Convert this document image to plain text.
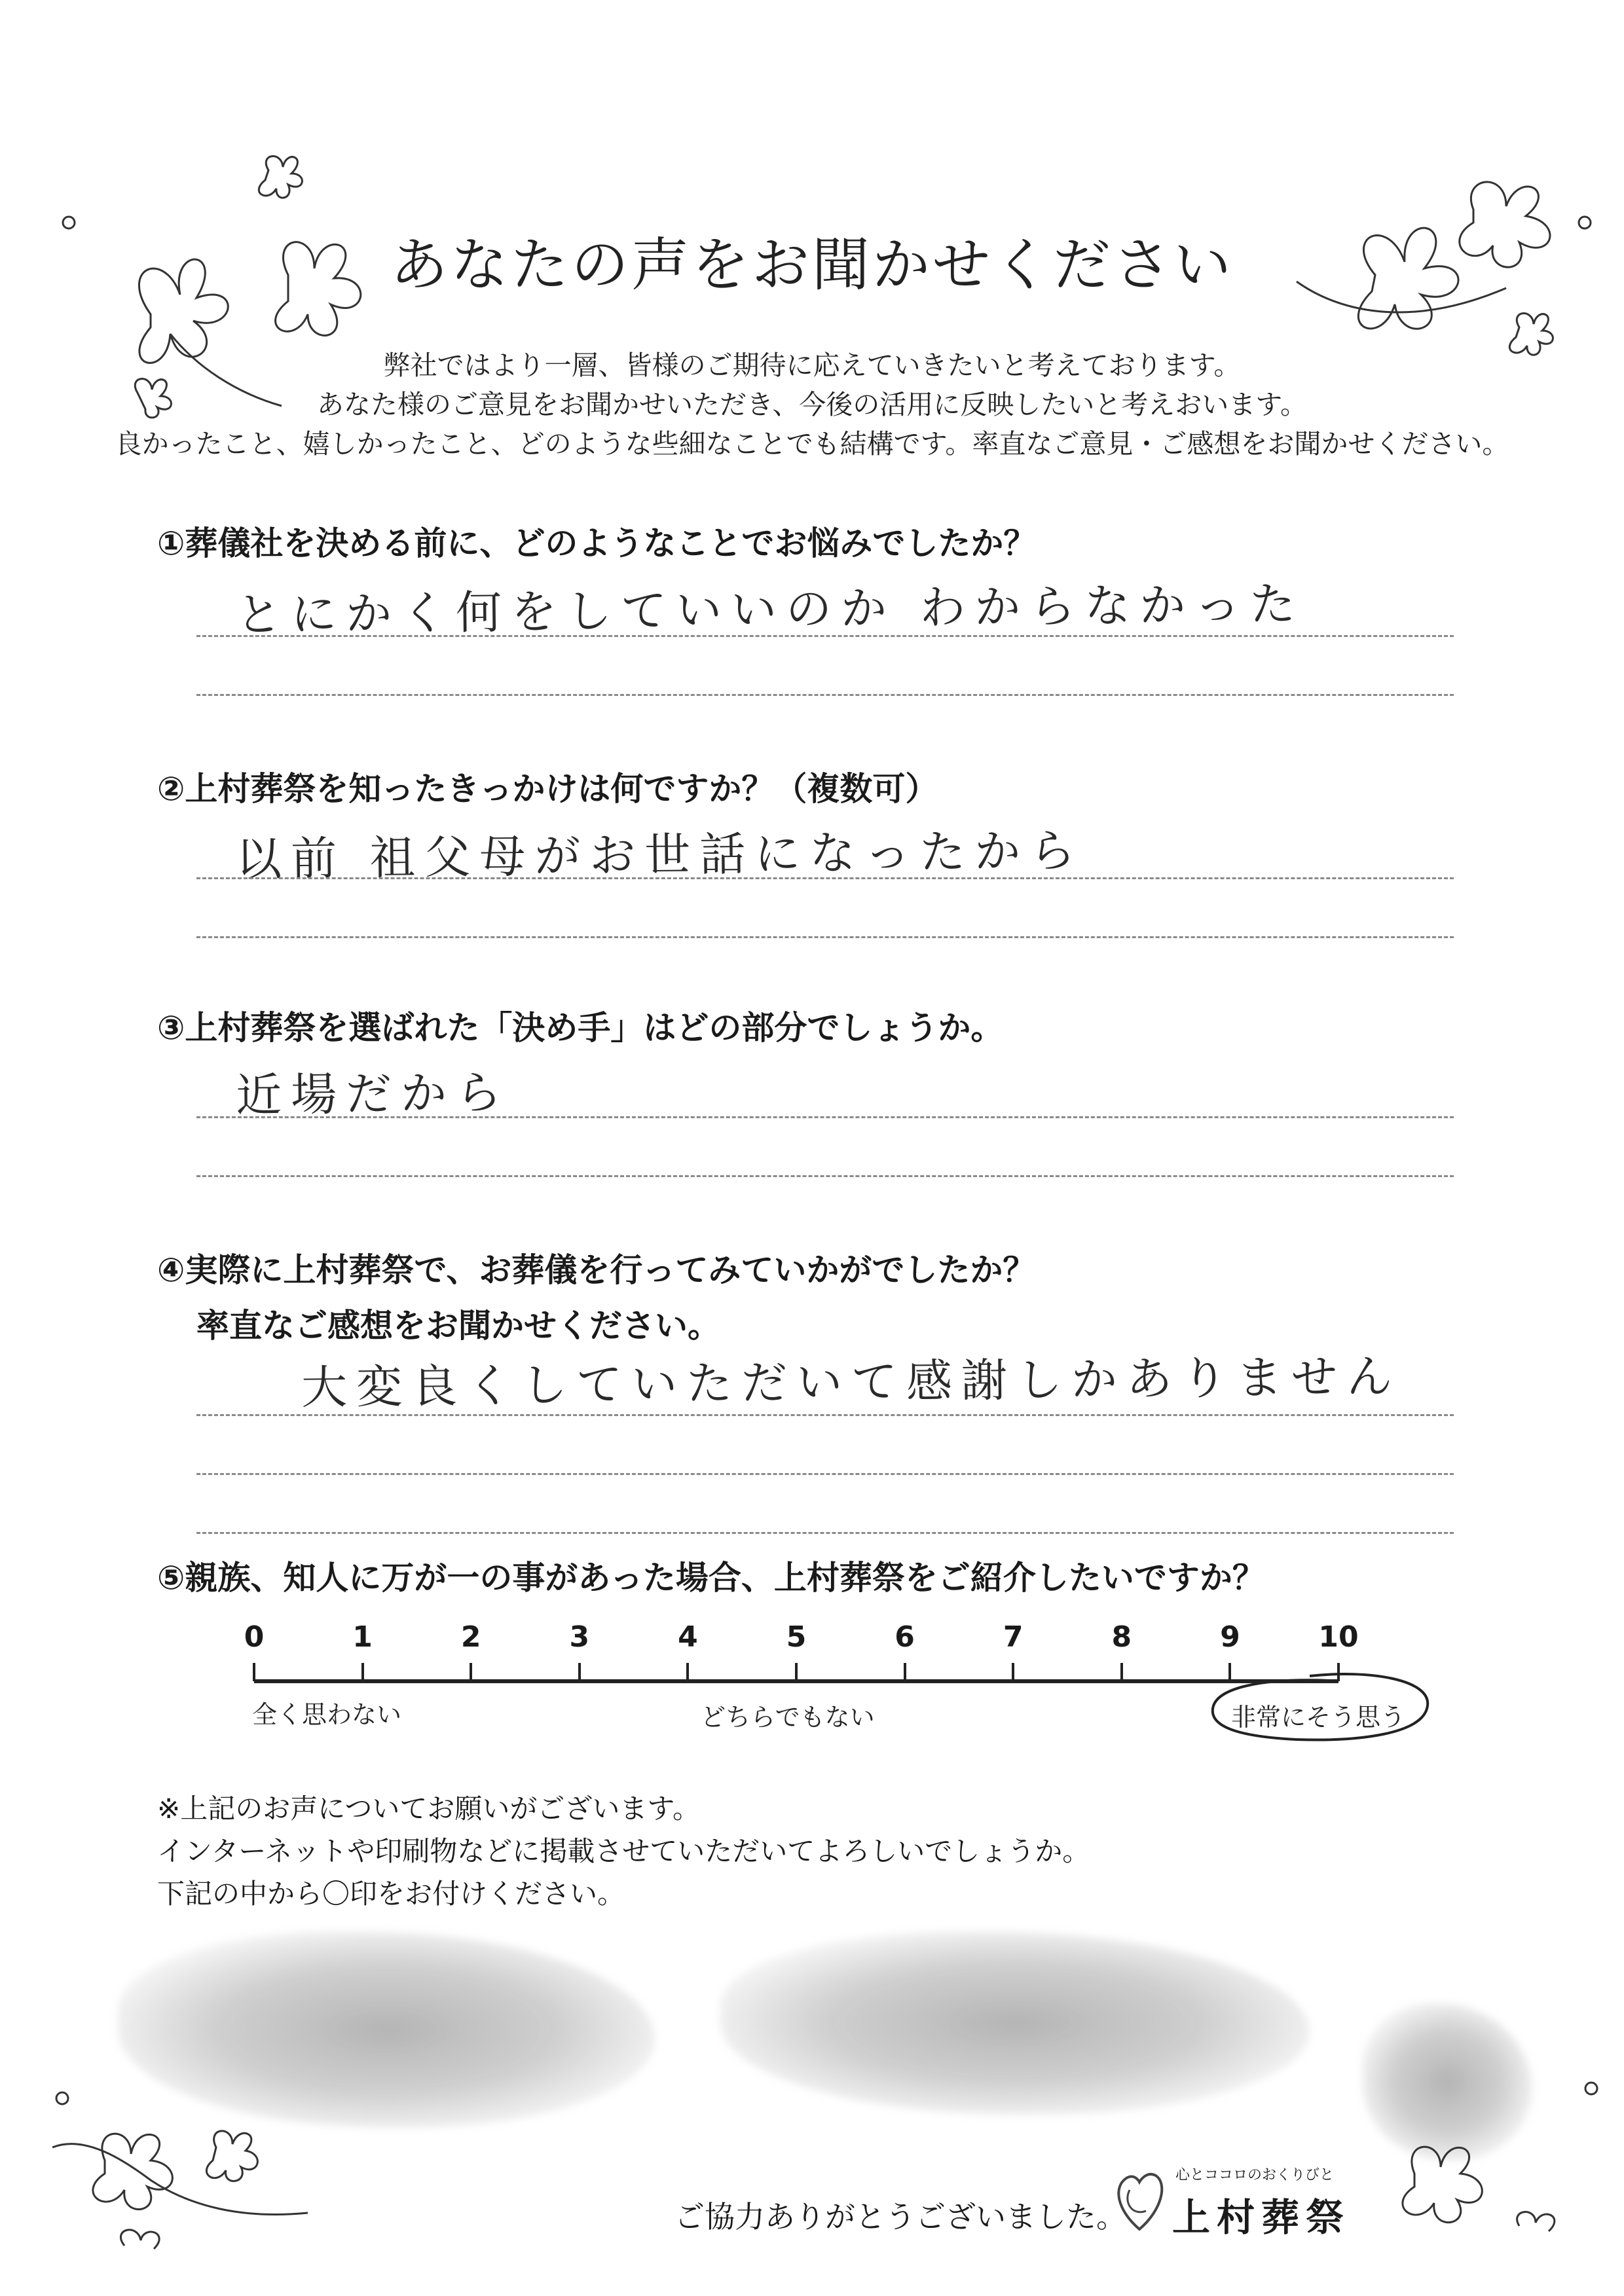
あなたの声をお聞かせください
弊社ではより一層、皆様のご期待に応えていきたいと考えております。
あなた様のご意見をお聞かせいただき、今後の活用に反映したいと考えおいます。
良かったこと、嬉しかったこと、どのような些細なことでも結構です。率直なご意見・ご感想をお聞かせください。
①葬儀社を決める前に、どのようなことでお悩みでしたか？
とにかく何をしていいのか わからなかった
②上村葬祭を知ったきっかけは何ですか？（複数可）
以前 祖父母がお世話になったから
③上村葬祭を選ばれた「決め手」はどの部分でしょうか。
近場だから
④実際に上村葬祭で、お葬儀を行ってみていかがでしたか？
率直なご感想をお聞かせください。
大変良くしていただいて感謝しかありません
⑤親族、知人に万が一の事があった場合、上村葬祭をご紹介したいですか？
0	1	2	3	4	5	6	7	8	9	10
全く思わない	どちらでもない	非常にそう思う
※上記のお声についてお願いがございます。
インターネットや印刷物などに掲載させていただいてよろしいでしょうか。
下記の中から〇印をお付けください。
ご協力ありがとうございました。
心とココロのおくりびと
上村葬祭
